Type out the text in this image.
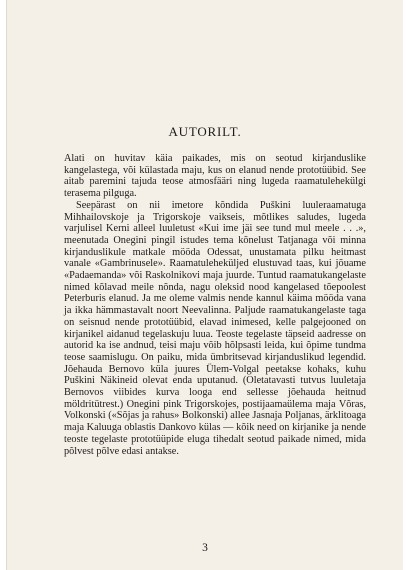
AUTORILT.

Alati on huvitav käia paikades, mis on seotud kirjanduslike kangelastega, või külastada maju, kus on elanud nende prototüübid. See aitab paremini tajuda teose atmosfääri ning lugeda raamatulehekülgi terasema pilguga.

Seepärast on nii imetore kõndida Puškini luuleraamatuga Mihhailovskoje ja Trigorskoje vaikseis, mõtlikes saludes, lugeda varjulisel Kerni alleel luuletust «Kui ime jäi see tund mul meele . . .», meenutada Onegini pingil istudes tema kõnelust Tatjanaga või minna kirjanduslikule matkale mööda Odessat, unustamata pilku heitmast vanale «Gambrinusele». Raamatuleheküljed elustuvad taas, kui jõuame «Padaemanda» või Raskolnikovi maja juurde. Tuntud raamatukangelaste nimed kõlavad meile nõnda, nagu oleksid nood kangelased tõepoolest Peterburis elanud. Ja me oleme valmis nende kannul käima mööda vana ja ikka hämmastavalt noort Neevalinna. Paljude raamatukangelaste taga on seisnud nende prototüübid, elavad inimesed, kelle palgejooned on kirjanikel aidanud tegelaskuju luua. Teoste tegelaste täpseid aadresse on autorid ka ise andnud, teisi maju võib hõlpsasti leida, kui õpime tundma teose saamislugu. On paiku, mida ümbritsevad kirjanduslikud legendid. Jõehauda Bernovo küla juures Ülem-Volgal peetakse kohaks, kuhu Puškini Näkineid olevat enda uputanud. (Oletatavasti tutvus luuletaja Bernovos viibides kurva looga end sellesse jõehauda heitnud möldritütrest.) Onegini pink Trigorskojes, postijaamaülema maja Võras, Volkonski («Sõjas ja rahus» Bolkonski) allee Jasnaja Poljanas, ärklitoaga maja Kaluuga oblastis Dankovo külas — kõik need on kirjanike ja nende teoste tegelaste prototüüpide eluga tihedalt seotud paikade nimed, mida põlvest põlve edasi antakse.

3
